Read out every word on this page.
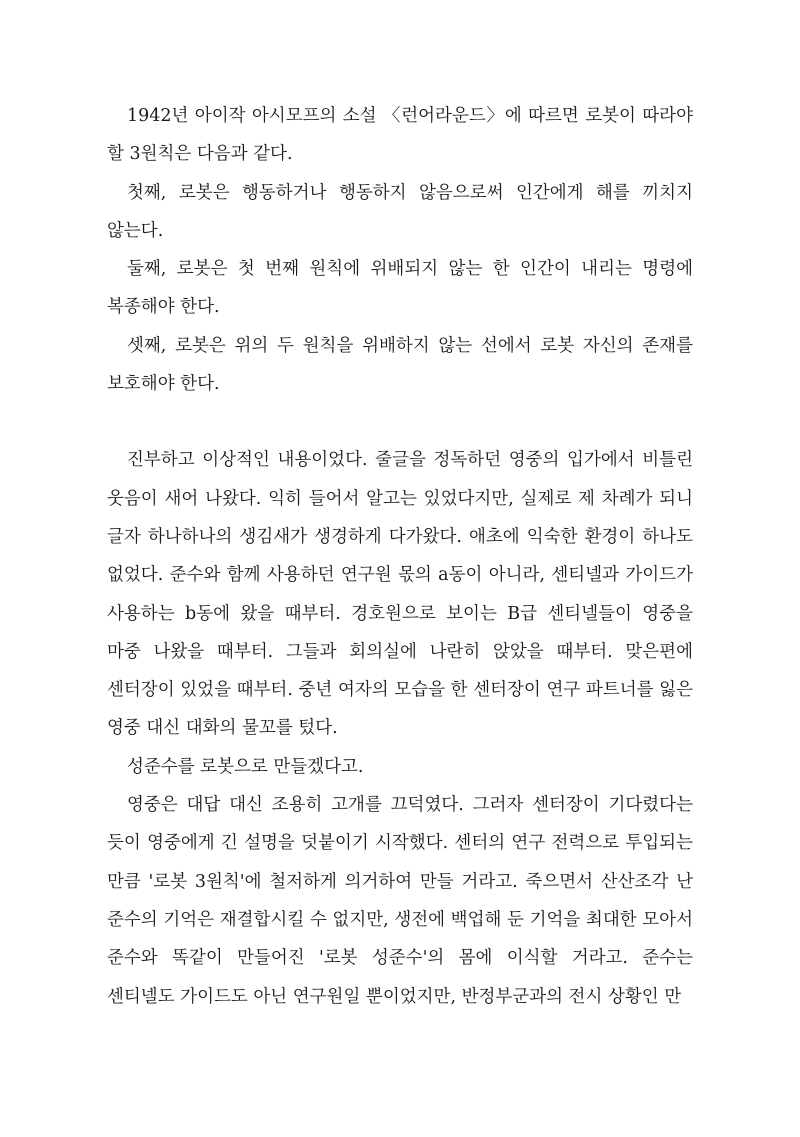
1942년 아이작 아시모프의 소설 〈런어라운드〉에 따르면 로봇이 따라야 할 3원칙은 다음과 같다.

첫째, 로봇은 행동하거나 행동하지 않음으로써 인간에게 해를 끼치지 않는다.

둘째, 로봇은 첫 번째 원칙에 위배되지 않는 한 인간이 내리는 명령에 복종해야 한다.

셋째, 로봇은 위의 두 원칙을 위배하지 않는 선에서 로봇 자신의 존재를 보호해야 한다.

진부하고 이상적인 내용이었다. 줄글을 정독하던 영중의 입가에서 비틀린 웃음이 새어 나왔다. 익히 들어서 알고는 있었다지만, 실제로 제 차례가 되니 글자 하나하나의 생김새가 생경하게 다가왔다. 애초에 익숙한 환경이 하나도 없었다. 준수와 함께 사용하던 연구원 몫의 a동이 아니라, 센티넬과 가이드가 사용하는 b동에 왔을 때부터. 경호원으로 보이는 B급 센티넬들이 영중을 마중 나왔을 때부터. 그들과 회의실에 나란히 앉았을 때부터. 맞은편에 센터장이 있었을 때부터. 중년 여자의 모습을 한 센터장이 연구 파트너를 잃은 영중 대신 대화의 물꼬를 텄다.

성준수를 로봇으로 만들겠다고.

영중은 대답 대신 조용히 고개를 끄덕였다. 그러자 센터장이 기다렸다는 듯이 영중에게 긴 설명을 덧붙이기 시작했다. 센터의 연구 전력으로 투입되는 만큼 '로봇 3원칙'에 철저하게 의거하여 만들 거라고. 죽으면서 산산조각 난 준수의 기억은 재결합시킬 수 없지만, 생전에 백업해 둔 기억을 최대한 모아서 준수와 똑같이 만들어진 '로봇 성준수'의 몸에 이식할 거라고. 준수는 센티넬도 가이드도 아닌 연구원일 뿐이었지만, 반정부군과의 전시 상황인 만
